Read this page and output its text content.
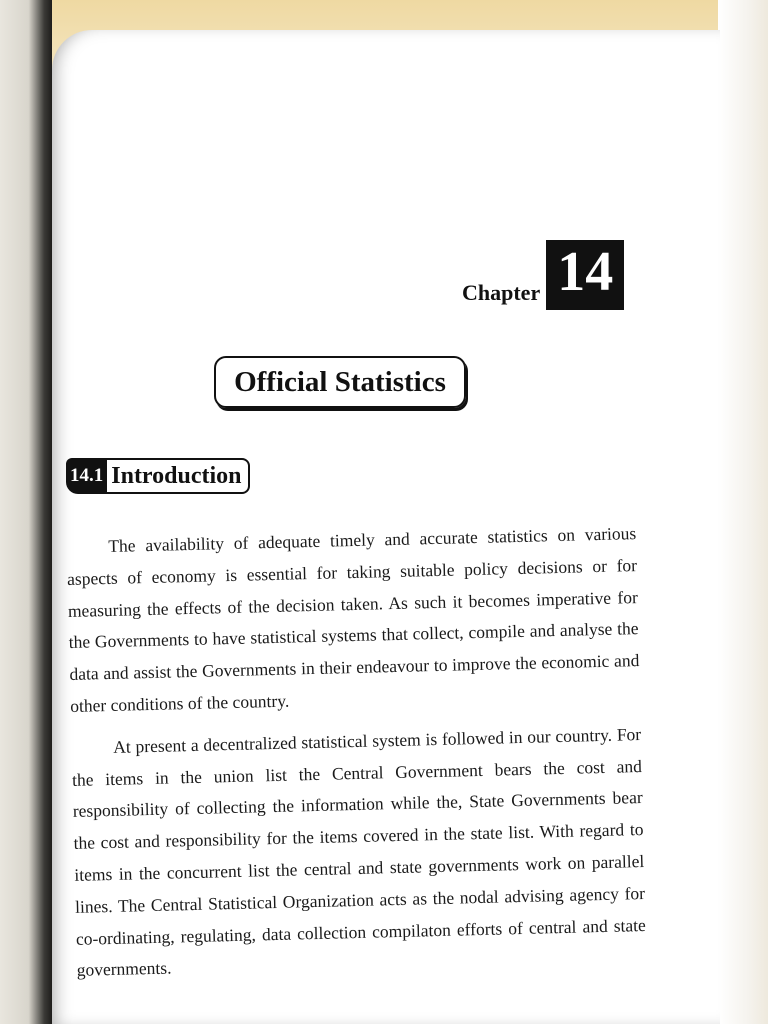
Chapter 14
Official Statistics
14.1 Introduction

The availability of adequate timely and accurate statistics on various aspects of economy is essential for taking suitable policy decisions or for measuring the effects of the decision taken. As such it becomes imperative for the Governments to have statistical systems that collect, compile and analyse the data and assist the Governments in their endeavour to improve the economic and other conditions of the country.

At present a decentralized statistical system is followed in our country. For the items in the union list the Central Government bears the cost and responsibility of collecting the information while the, State Governments bear the cost and responsibility for the items covered in the state list. With regard to items in the concurrent list the central and state governments work on parallel lines. The Central Statistical Organization acts as the nodal advising agency for co-ordinating, regulating, data collection compilaton efforts of central and state governments.
